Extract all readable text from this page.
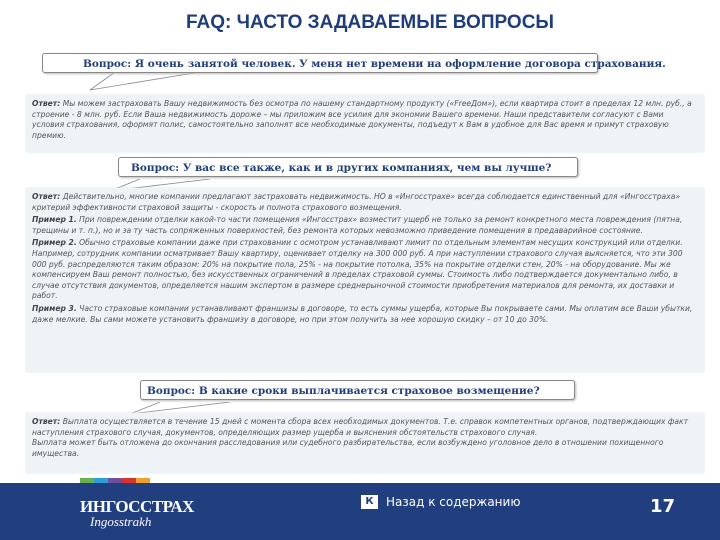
FAQ: ЧАСТО ЗАДАВАЕМЫЕ ВОПРОСЫ
Вопрос: Я очень занятой человек. У меня нет времени на оформление договора страхования.

Ответ: Мы можем застраховать Вашу недвижимость без осмотра по нашему стандартному продукту («FreeДом»), если квартира стоит в пределах 12 млн. руб., а строение - 8 млн. руб. Если Ваша недвижимость дороже – мы приложим все усилия для экономии Вашего времени. Наши представители согласуют с Вами условия страхования, оформят полис, самостоятельно заполнят все необходимые документы, подъедут к Вам в удобное для Вас время и примут страховую премию.

Вопрос: У вас все также, как и в других компаниях, чем вы лучше?

Ответ: Действительно, многие компании предлагают застраховать недвижимость. НО в «Ингосстрахе» всегда соблюдается единственный для «Ингосстраха» критерий эффективности страховой защиты - скорость и полнота страхового возмещения.

Пример 1. При повреждении отделки какой-то части помещения «Ингосстрах» возместит ущерб не только за ремонт конкретного места повреждения (пятна, трещины и т. п.), но и за ту часть сопряженных поверхностей, без ремонта которых невозможно приведение помещения в предаварийное состояние.

Пример 2. Обычно страховые компании даже при страховании с осмотром устанавливают лимит по отдельным элементам несущих конструкций или отделки. Например, сотрудник компании осматривает Вашу квартиру, оценивает отделку на 300 000 руб. А при наступлении страхового случая выясняется, что эти 300 000 руб. распределяются таким образом: 20% на покрытие пола, 25% - на покрытие потолка, 35% на покрытие отделки стен, 20% - на оборудование. Мы же компенсируем Ваш ремонт полностью, без искусственных ограничений в пределах страховой суммы. Стоимость либо подтверждается документально либо, в случае отсутствия документов, определяется нашим экспертом в размере среднерыночной стоимости приобретения материалов для ремонта, их доставки и работ.

Пример 3. Часто страховые компании устанавливают франшизы в договоре, то есть суммы ущерба, которые Вы покрываете сами. Мы оплатим все Ваши убытки, даже мелкие. Вы сами можете установить франшизу в договоре, но при этом получить за нее хорошую скидку – от 10 до 30%.

Вопрос: В какие сроки выплачивается страховое возмещение?

Ответ: Выплата осуществляется в течение 15 дней с момента сбора всех необходимых документов. Т.е. справок компетентных органов, подтверждающих факт наступления страхового случая, документов, определяющих размер ущерба и выяснения обстоятельств страхового случая.

Выплата может быть отложена до окончания расследования или судебного разбирательства, если возбуждено уголовное дело в отношении похищенного имущества.

ИНГОССТРАХ
Ingosstrakh
К	Назад к содержанию	17
